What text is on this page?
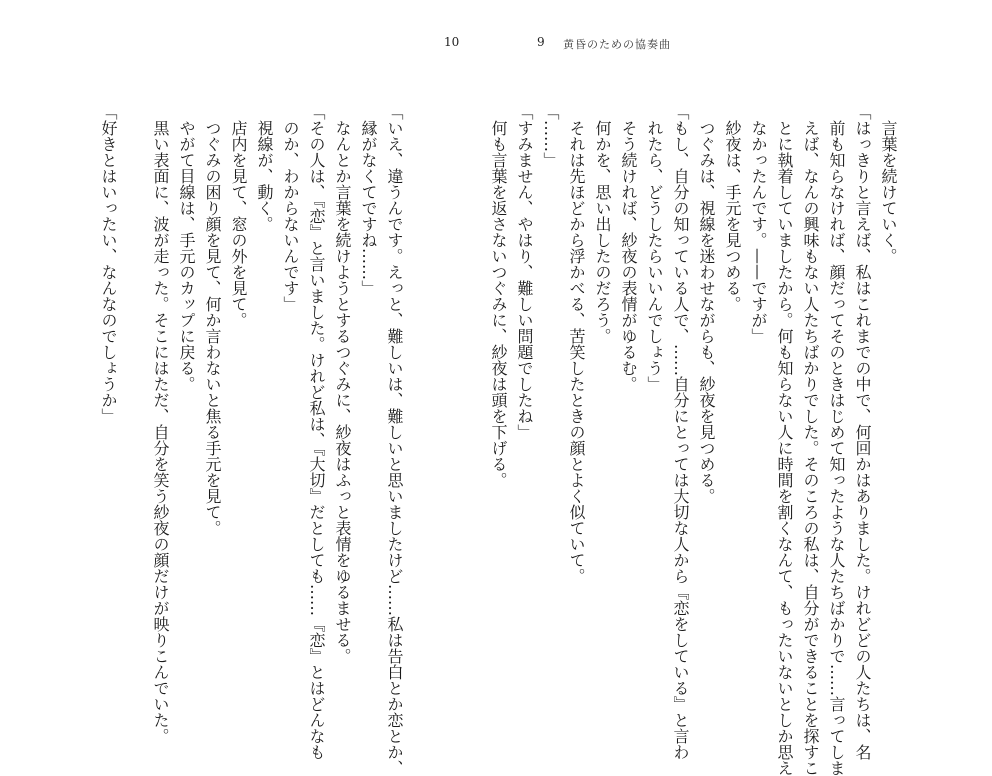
10	9 黄昏のための協奏曲

言葉を続けていく。

「はっきりと言えば、私はこれまでの中で、何回かはありました。けれどどの人たちは、名

前も知らなければ、顔だってそのときはじめて知ったような人たちばかりで……言ってしま

えば、なんの興味もない人たちばかりでした。そのころの私は、自分ができることを探すこ

とに執着していましたから。何も知らない人に時間を割くなんて、もったいないとしか思え

なかったんです。——ですが」

紗夜は、手元を見つめる。

つぐみは、視線を迷わせながらも、紗夜を見つめる。

「もし、自分の知っている人で、……自分にとっては大切な人から『恋をしている』と言わ

れたら、どうしたらいいんでしょう」

そう続ければ、紗夜の表情がゆるむ。

何かを、思い出したのだろう。

それは先ほどから浮かべる、苦笑したときの顔とよく似ていて。

「……」

「すみません、やはり、難しい問題でしたね」

何も言葉を返さないつぐみに、紗夜は頭を下げる。

「いえ、違うんです。えっと、難しいは、難しいと思いましたけど……私は告白とか恋とか、

縁がなくてですね……」

なんとか言葉を続けようとするつぐみに、紗夜はふっと表情をゆるませる。

「その人は、『恋』と言いました。けれど私は、『大切』だとしても……『恋』とはどんなも

のか、わからないんです」

視線が、動く。

店内を見て、窓の外を見て。

つぐみの困り顔を見て、何か言わないと焦る手元を見て。

やがて目線は、手元のカップに戻る。

黒い表面に、波が走った。そこにはただ、自分を笑う紗夜の顔だけが映りこんでいた。

「好きとはいったい、なんなのでしょうか」
